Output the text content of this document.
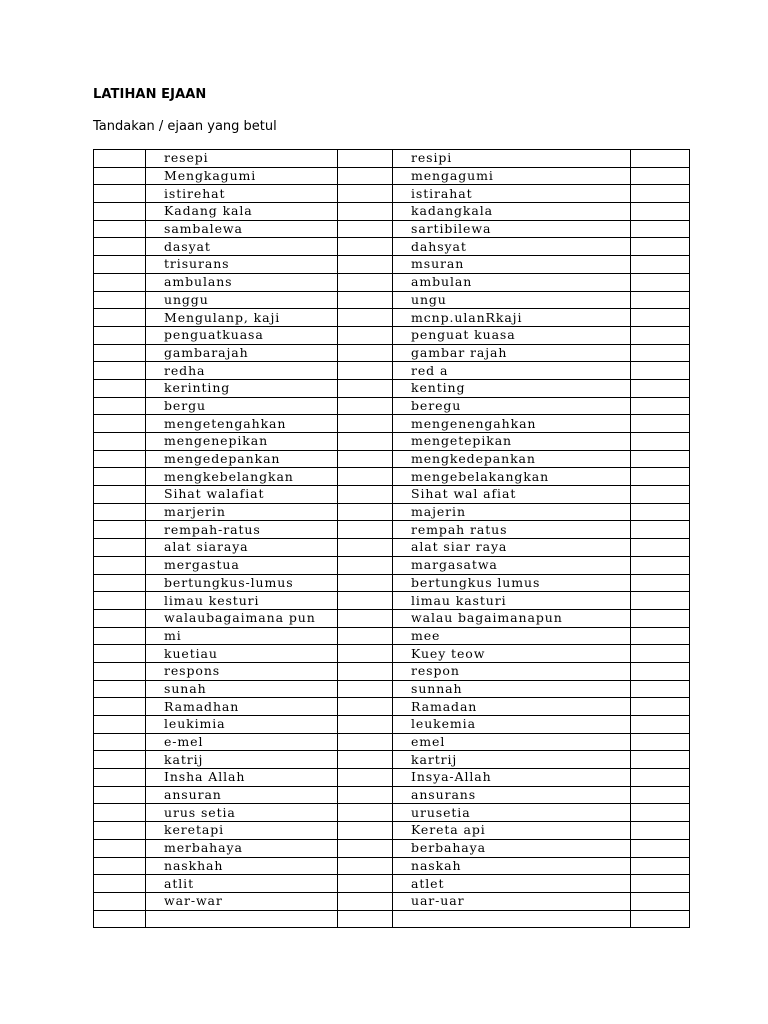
LATIHAN EJAAN
Tandakan / ejaan yang betul
	resepi		resipi	
	Mengkagumi		mengagumi	
	istirehat		istirahat	
	Kadang kala		kadangkala	
	sambalewa		sartibilewa	
	dasyat		dahsyat	
	trisurans		msuran	
	ambulans		ambulan	
	unggu		ungu	
	Mengulanp, kaji		mcnp.ulanRkaji	
	penguatkuasa		penguat kuasa	
	gambarajah		gambar rajah	
	redha		red a	
	kerinting		kenting	
	bergu		beregu	
	mengetengahkan		mengenengahkan	
	mengenepikan		mengetepikan	
	mengedepankan		mengkedepankan	
	mengkebelangkan		mengebelakangkan	
	Sihat walafiat		Sihat wal afiat	
	marjerin		majerin	
	rempah-ratus		rempah ratus	
	alat siaraya		alat siar raya	
	mergastua		margasatwa	
	bertungkus-lumus		bertungkus lumus	
	limau kesturi		limau kasturi	
	walaubagaimana pun		walau bagaimanapun	
	mi		mee	
	kuetiau		Kuey teow	
	respons		respon	
	sunah		sunnah	
	Ramadhan		Ramadan	
	leukimia		leukemia	
	e-mel		emel	
	katrij		kartrij	
	Insha Allah		Insya-Allah	
	ansuran		ansurans	
	urus setia		urusetia	
	keretapi		Kereta api	
	merbahaya		berbahaya	
	naskhah		naskah	
	atlit		atlet	
	war-war		uar-uar	
